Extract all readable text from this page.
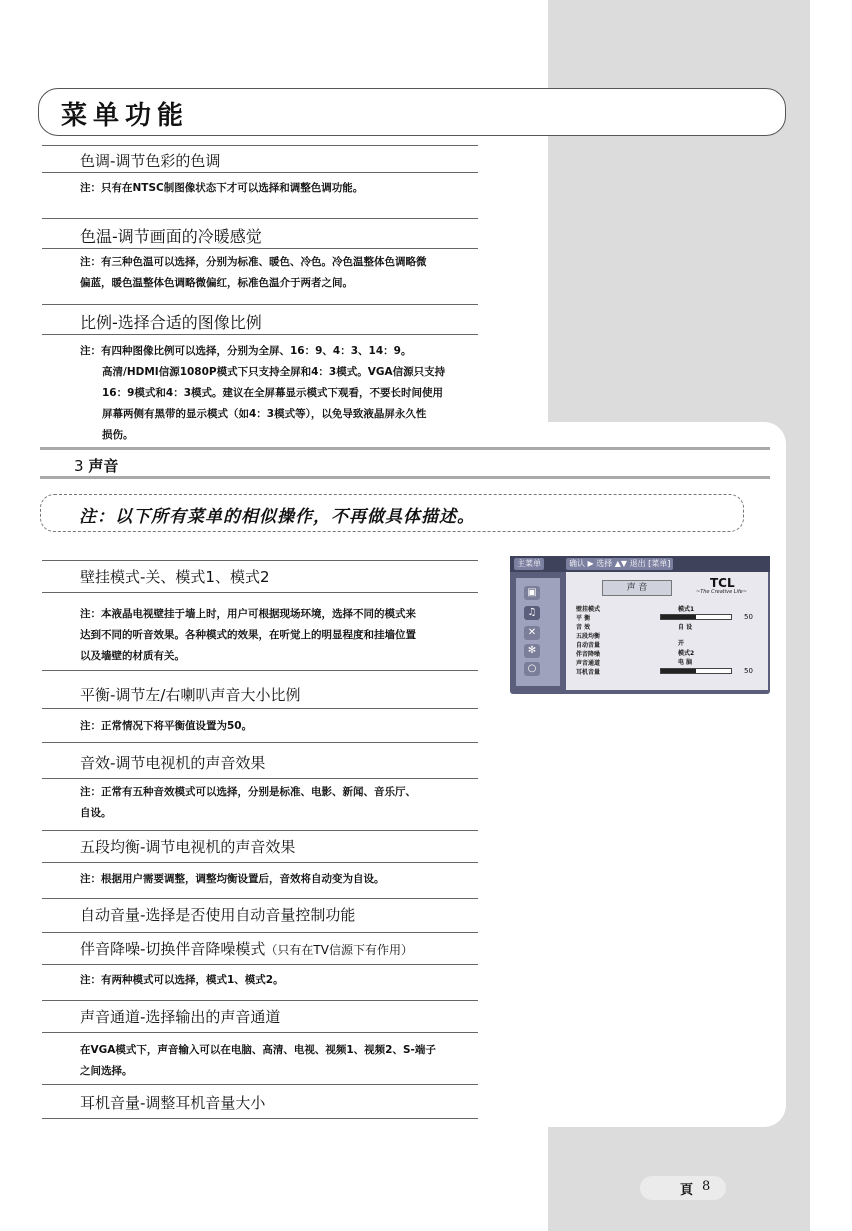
菜单功能
色调-调节色彩的色调
注：只有在NTSC制图像状态下才可以选择和调整色调功能。
色温-调节画面的冷暖感觉
注：有三种色温可以选择，分别为标准、暖色、冷色。冷色温整体色调略微
偏蓝，暖色温整体色调略微偏红，标准色温介于两者之间。
比例-选择合适的图像比例
注：有四种图像比例可以选择，分别为全屏、16：9、4：3、14：9。
高清/HDMI信源1080P模式下只支持全屏和4：3模式。VGA信源只支持
16：9模式和4：3模式。建议在全屏幕显示模式下观看，不要长时间使用
屏幕两侧有黑带的显示模式（如4：3模式等），以免导致液晶屏永久性
损伤。
3 声音
注：以下所有菜单的相似操作，不再做具体描述。
壁挂模式-关、模式1、模式2
注：本液晶电视壁挂于墙上时，用户可根据现场环境，选择不同的模式来
达到不同的听音效果。各种模式的效果，在听觉上的明显程度和挂墙位置
以及墙壁的材质有关。
平衡-调节左/右喇叭声音大小比例
注：正常情况下将平衡值设置为50。
音效-调节电视机的声音效果
注：正常有五种音效模式可以选择，分别是标准、电影、新闻、音乐厅、
自设。
五段均衡-调节电视机的声音效果
注：根据用户需要调整，调整均衡设置后，音效将自动变为自设。
自动音量-选择是否使用自动音量控制功能
伴音降噪-切换伴音降噪模式（只有在TV信源下有作用）
注：有两种模式可以选择，模式1、模式2。
声音通道-选择输出的声音通道
在VGA模式下，声音输入可以在电脑、高清、电视、视频1、视频2、S-端子
之间选择。
耳机音量-调整耳机音量大小
主菜单	确认 ▶ 选择 ▲▼ 退出 [菜单]
▣
♫
✕
✻
○
TCL
~The Creative Life~
声 音
壁挂模式	模式1
平 衡	50
音 效	自 设
五段均衡
自动音量	开
伴音降噪	模式2
声音通道	电 脑
耳机音量	50
頁 8
